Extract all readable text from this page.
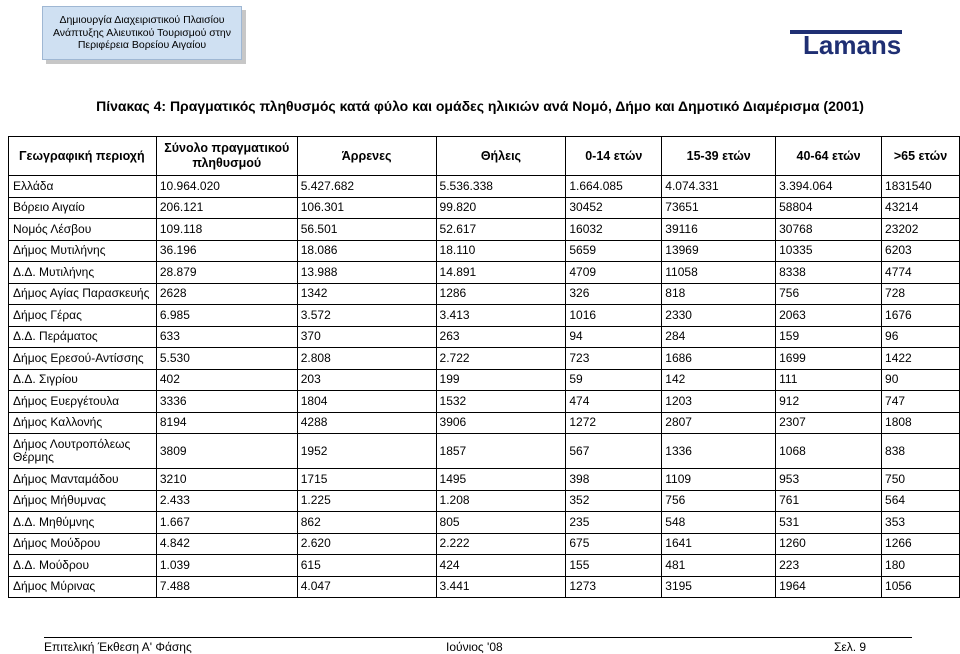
Δημιουργία Διαχειριστικού Πλαισίου
Ανάπτυξης Αλιευτικού Τουρισμού στην
Περιφέρεια Βορείου Αιγαίου	Lamans
Πίνακας 4: Πραγματικός πληθυσμός κατά φύλο και ομάδες ηλικιών ανά Νομό, Δήμο και Δημοτικό Διαμέρισμα (2001)
Γεωγραφική περιοχή	Σύνολο πραγματικού πληθυσμού	Άρρενες	Θήλεις	0-14 ετών	15-39 ετών	40-64 ετών	>65 ετών
Ελλάδα	10.964.020	5.427.682	5.536.338	1.664.085	4.074.331	3.394.064	1831540
Βόρειο Αιγαίο	206.121	106.301	99.820	30452	73651	58804	43214
Νομός Λέσβου	109.118	56.501	52.617	16032	39116	30768	23202
Δήμος Μυτιλήνης	36.196	18.086	18.110	5659	13969	10335	6203
Δ.Δ. Μυτιλήνης	28.879	13.988	14.891	4709	11058	8338	4774
Δήμος Αγίας Παρασκευής	2628	1342	1286	326	818	756	728
Δήμος Γέρας	6.985	3.572	3.413	1016	2330	2063	1676
Δ.Δ. Περάματος	633	370	263	94	284	159	96
Δήμος Ερεσού-Αντίσσης	5.530	2.808	2.722	723	1686	1699	1422
Δ.Δ. Σιγρίου	402	203	199	59	142	111	90
Δήμος Ευεργέτουλα	3336	1804	1532	474	1203	912	747
Δήμος Καλλονής	8194	4288	3906	1272	2807	2307	1808
Δήμος Λουτροπόλεως Θέρμης	3809	1952	1857	567	1336	1068	838
Δήμος Μανταμάδου	3210	1715	1495	398	1109	953	750
Δήμος Μήθυμνας	2.433	1.225	1.208	352	756	761	564
Δ.Δ. Μηθύμνης	1.667	862	805	235	548	531	353
Δήμος Μούδρου	4.842	2.620	2.222	675	1641	1260	1266
Δ.Δ. Μούδρου	1.039	615	424	155	481	223	180
Δήμος Μύρινας	7.488	4.047	3.441	1273	3195	1964	1056
Επιτελική Έκθεση Α' Φάσης	Ιούνιος '08	Σελ. 9
